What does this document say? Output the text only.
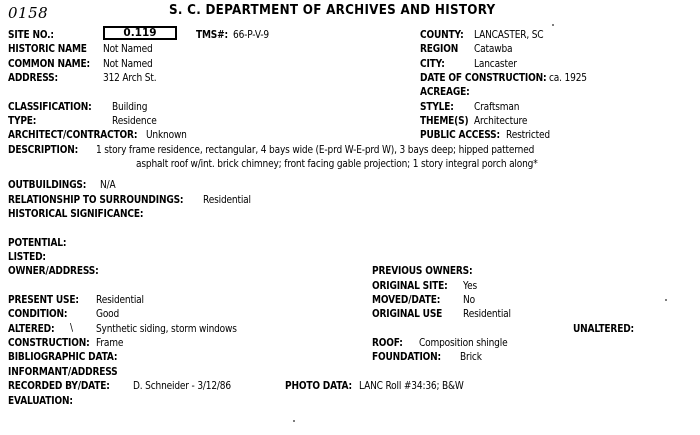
0158	S. C. DEPARTMENT OF ARCHIVES AND HISTORY
SITE NO.:	0.119	TMS#: 66-P-V-9	COUNTY: LANCASTER, SC
HISTORIC NAME Not Named	REGION Catawba
COMMON NAME: Not Named	CITY:	Lancaster
ADDRESS:	312 Arch St.	DATE OF CONSTRUCTION: ca. 1925
ACREAGE:
CLASSIFICATION: Building	STYLE: Craftsman
TYPE:	Residence	THEME(S) Architecture
ARCHITECT/CONTRACTOR: Unknown	PUBLIC ACCESS: Restricted
DESCRIPTION: 1 story frame residence, rectangular, 4 bays wide (E-prd W-E-prd W), 3 bays deep; hipped patterned
asphalt roof w/int. brick chimney; front facing gable projection; 1 story integral porch along*
OUTBUILDINGS: N/A
RELATIONSHIP TO SURROUNDINGS: Residential
HISTORICAL SIGNIFICANCE:
POTENTIAL:
LISTED:
OWNER/ADDRESS:	PREVIOUS OWNERS:
ORIGINAL SITE: Yes
PRESENT USE: Residential	MOVED/DATE: No
CONDITION:	Good	ORIGINAL USE Residential
ALTERED: \ Synthetic siding, storm windows	UNALTERED:
CONSTRUCTION: Frame	ROOF: Composition shingle
BIBLIOGRAPHIC DATA:	FOUNDATION: Brick
INFORMANT/ADDRESS
RECORDED BY/DATE: D. Schneider - 3/12/86	PHOTO DATA: LANC Roll #34:36; B&W
EVALUATION:
